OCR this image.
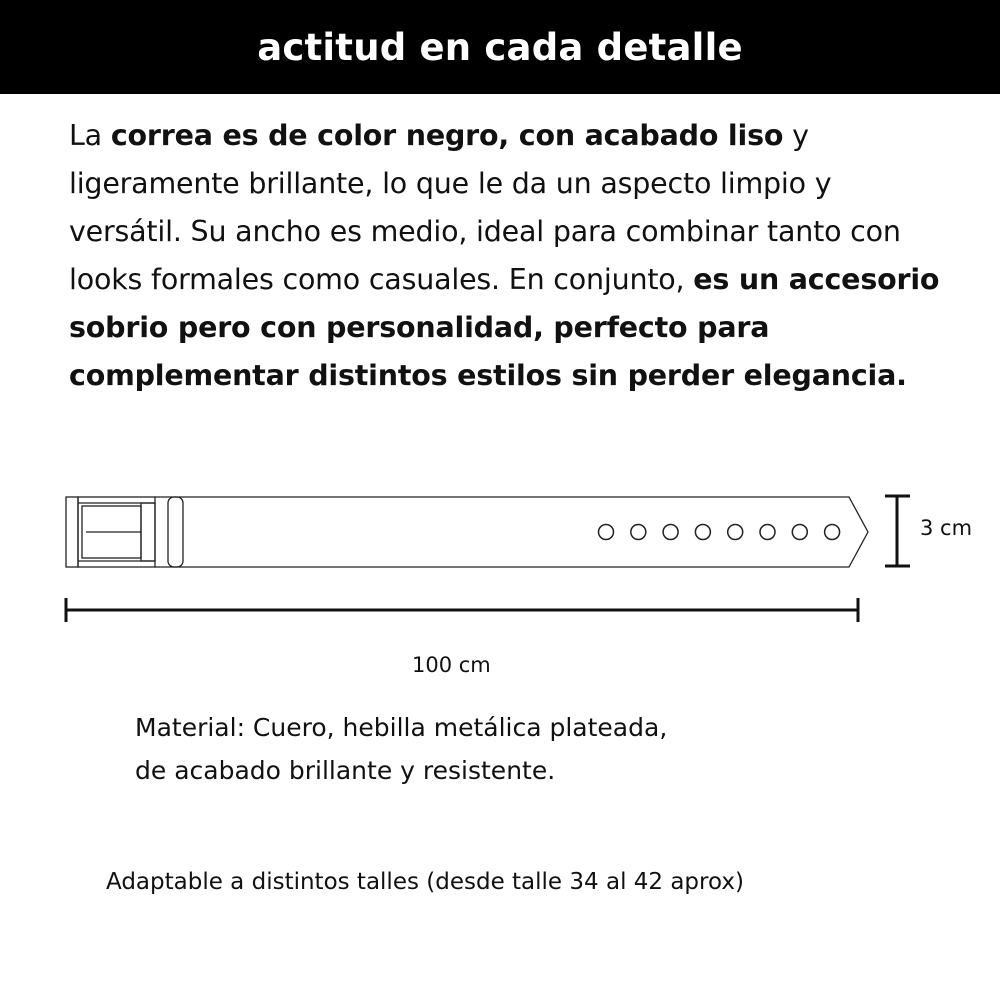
actitud en cada detalle

La correa es de color negro, con acabado liso y ligeramente brillante, lo que le da un aspecto limpio y versátil. Su ancho es medio, ideal para combinar tanto con looks formales como casuales. En conjunto, es un accesorio sobrio pero con personalidad, perfecto para complementar distintos estilos sin perder elegancia.

3 cm
100 cm
Material: Cuero, hebilla metálica plateada,
de acabado brillante y resistente.
Adaptable a distintos talles (desde talle 34 al 42 aprox)
